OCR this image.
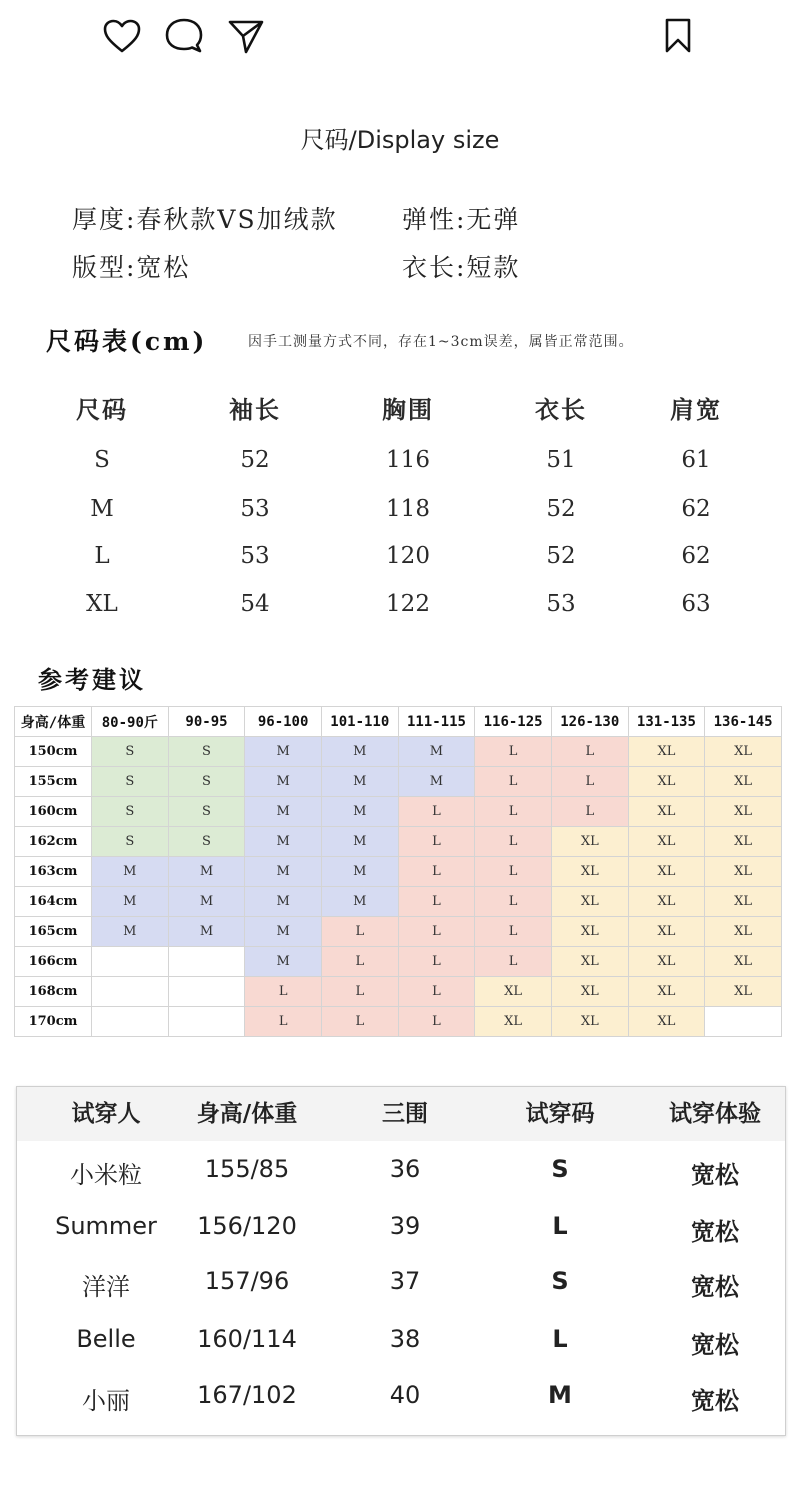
尺码/Display size
厚度:春秋款VS加绒款	弹性:无弹
版型:宽松	衣长:短款
尺码表(cm)	因手工测量方式不同，存在1~3cm误差，属皆正常范围。
尺码	袖长	胸围	衣长	肩宽
S	52	116	51	61
M	53	118	52	62
L	53	120	52	62
XL	54	122	53	63
参考建议
身高/体重	80-90斤	90-95	96-100	101-110	111-115	116-125	126-130	131-135	136-145
150cm	S	S	M	M	M	L	L	XL	XL
155cm	S	S	M	M	M	L	L	XL	XL
160cm	S	S	M	M	L	L	L	XL	XL
162cm	S	S	M	M	L	L	XL	XL	XL
163cm	M	M	M	M	L	L	XL	XL	XL
164cm	M	M	M	M	L	L	XL	XL	XL
165cm	M	M	M	L	L	L	XL	XL	XL
166cm			M	L	L	L	XL	XL	XL
168cm			L	L	L	XL	XL	XL	XL
170cm			L	L	L	XL	XL	XL	
试穿人	身高/体重	三围	试穿码	试穿体验
小米粒	155/85	36	S	宽松
Summer	156/120	39	L	宽松
洋洋	157/96	37	S	宽松
Belle	160/114	38	L	宽松
小丽	167/102	40	M	宽松
